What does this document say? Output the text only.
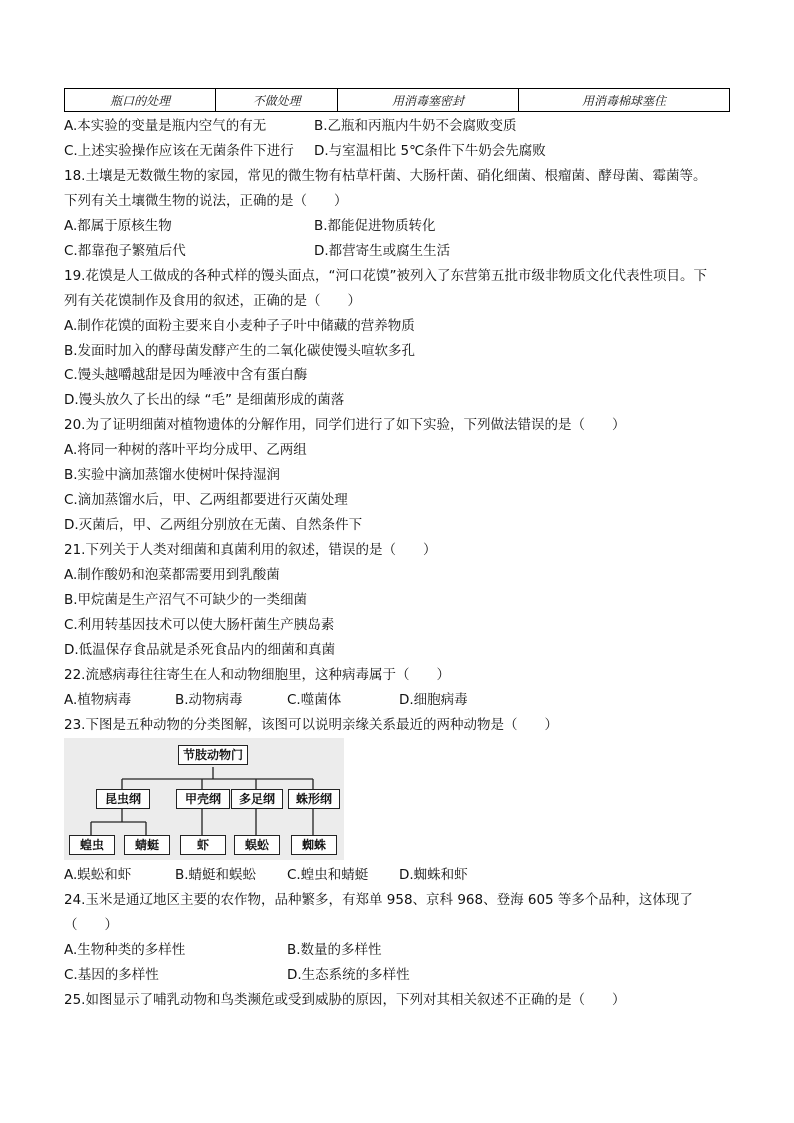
瓶口的处理	不做处理	用消毒塞密封	用消毒棉球塞住
A.本实验的变量是瓶内空气的有无	B.乙瓶和丙瓶内牛奶不会腐败变质
C.上述实验操作应该在无菌条件下进行 D.与室温相比 5℃条件下牛奶会先腐败
18.土壤是无数微生物的家园，常见的微生物有枯草杆菌、大肠杆菌、硝化细菌、根瘤菌、酵母菌、霉菌等。
下列有关土壤微生物的说法，正确的是（　　）
A.都属于原核生物	B.都能促进物质转化
C.都靠孢子繁殖后代	D.都营寄生或腐生生活
19.花馍是人工做成的各种式样的馒头面点，“河口花馍”被列入了东营第五批市级非物质文化代表性项目。下
列有关花馍制作及食用的叙述，正确的是（　　）
A.制作花馍的面粉主要来自小麦种子子叶中储藏的营养物质
B.发面时加入的酵母菌发酵产生的二氧化碳使馒头喧软多孔
C.馒头越嚼越甜是因为唾液中含有蛋白酶
D.馒头放久了长出的绿 “毛” 是细菌形成的菌落
20.为了证明细菌对植物遗体的分解作用，同学们进行了如下实验，下列做法错误的是（　　）
A.将同一种树的落叶平均分成甲、乙两组
B.实验中滴加蒸馏水使树叶保持湿润
C.滴加蒸馏水后，甲、乙两组都要进行灭菌处理
D.灭菌后，甲、乙两组分别放在无菌、自然条件下
21.下列关于人类对细菌和真菌利用的叙述，错误的是（　　）
A.制作酸奶和泡菜都需要用到乳酸菌
B.甲烷菌是生产沼气不可缺少的一类细菌
C.利用转基因技术可以使大肠杆菌生产胰岛素
D.低温保存食品就是杀死食品内的细菌和真菌
22.流感病毒往往寄生在人和动物细胞里，这种病毒属于（　　）
A.植物病毒	B.动物病毒	C.噬菌体	D.细胞病毒
23.下图是五种动物的分类图解，该图可以说明亲缘关系最近的两种动物是（　　）
节肢动物门
昆虫纲	甲壳纲	多足纲	蛛形纲
蝗虫	蜻蜓	虾	蜈蚣	蜘蛛
A.蜈蚣和虾	B.蜻蜓和蜈蚣 C.蝗虫和蜻蜓 D.蜘蛛和虾
24.玉米是通辽地区主要的农作物，品种繁多，有郑单 958、京科 968、登海 605 等多个品种，这体现了
（　　）
A.生物种类的多样性	B.数量的多样性
C.基因的多样性	D.生态系统的多样性
25.如图显示了哺乳动物和鸟类濒危或受到威胁的原因，下列对其相关叙述不正确的是（　　）
